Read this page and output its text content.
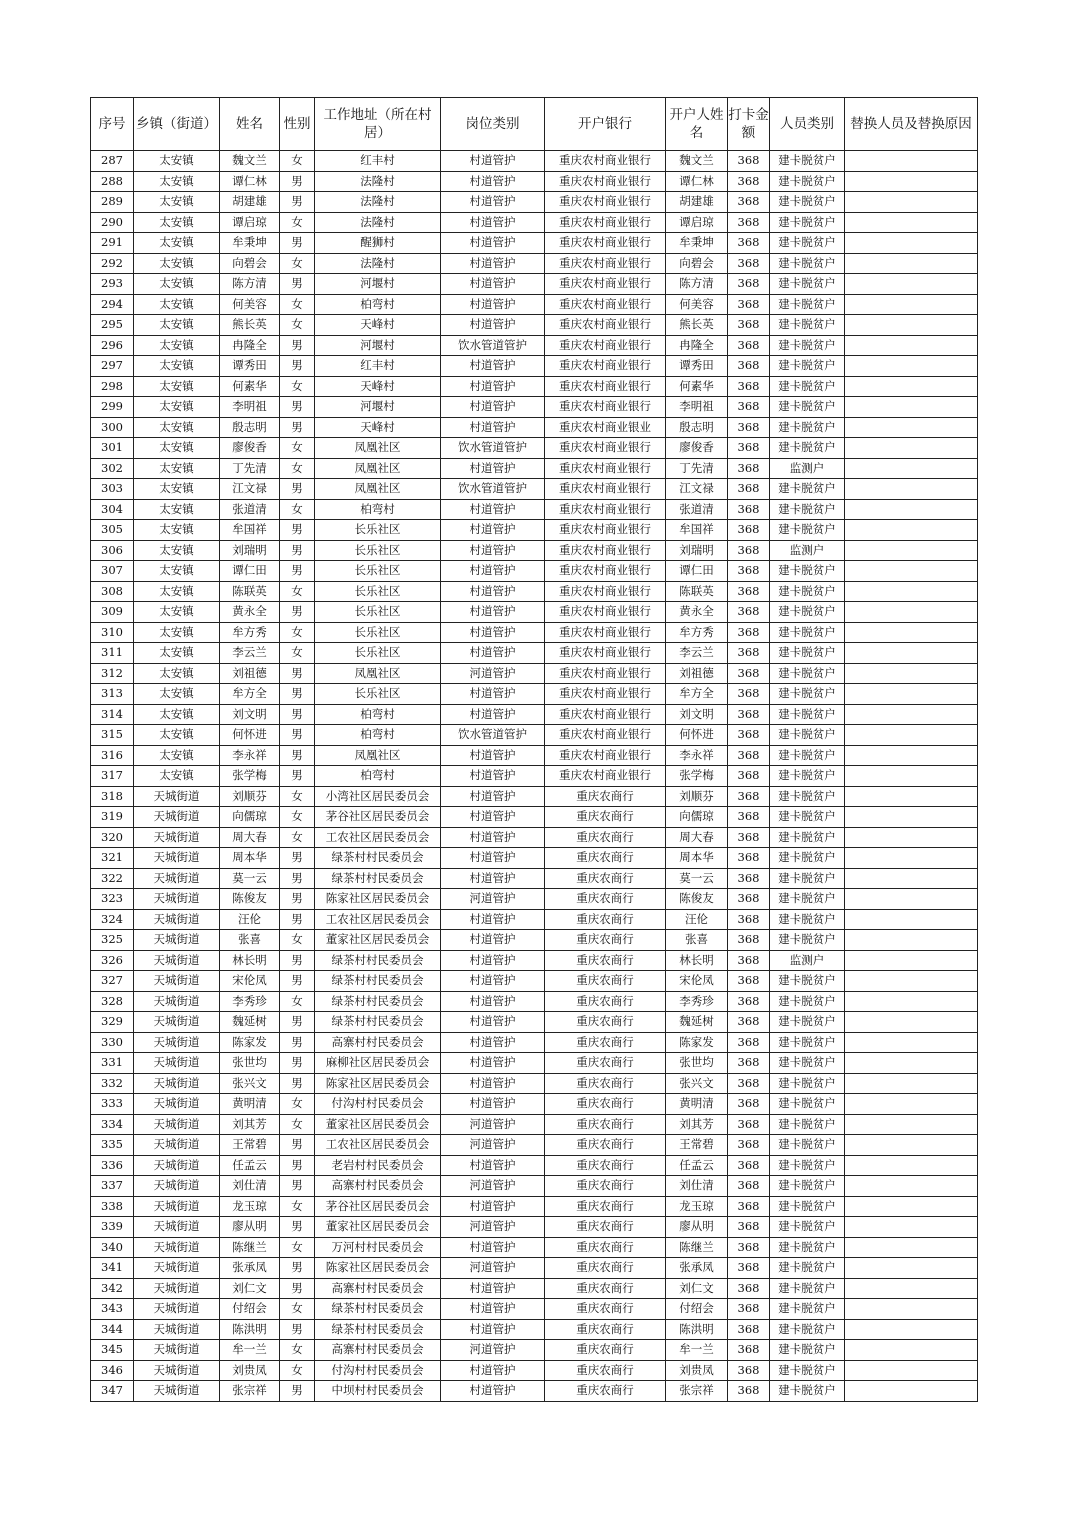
序号	乡镇（街道）	姓名	性别	工作地址（所在村居）	岗位类别	开户银行	开户人姓名	打卡金额	人员类别	替换人员及替换原因
287	太安镇	魏文兰	女	红丰村	村道管护	重庆农村商业银行	魏文兰	368	建卡脱贫户	
288	太安镇	谭仁林	男	法隆村	村道管护	重庆农村商业银行	谭仁林	368	建卡脱贫户	
289	太安镇	胡建雄	男	法隆村	村道管护	重庆农村商业银行	胡建雄	368	建卡脱贫户	
290	太安镇	谭启琼	女	法隆村	村道管护	重庆农村商业银行	谭启琼	368	建卡脱贫户	
291	太安镇	牟秉坤	男	醒狮村	村道管护	重庆农村商业银行	牟秉坤	368	建卡脱贫户	
292	太安镇	向碧会	女	法隆村	村道管护	重庆农村商业银行	向碧会	368	建卡脱贫户	
293	太安镇	陈方清	男	河堰村	村道管护	重庆农村商业银行	陈方清	368	建卡脱贫户	
294	太安镇	何美容	女	柏弯村	村道管护	重庆农村商业银行	何美容	368	建卡脱贫户	
295	太安镇	熊长英	女	天峰村	村道管护	重庆农村商业银行	熊长英	368	建卡脱贫户	
296	太安镇	冉隆全	男	河堰村	饮水管道管护	重庆农村商业银行	冉隆全	368	建卡脱贫户	
297	太安镇	谭秀田	男	红丰村	村道管护	重庆农村商业银行	谭秀田	368	建卡脱贫户	
298	太安镇	何素华	女	天峰村	村道管护	重庆农村商业银行	何素华	368	建卡脱贫户	
299	太安镇	李明祖	男	河堰村	村道管护	重庆农村商业银行	李明祖	368	建卡脱贫户	
300	太安镇	殷志明	男	天峰村	村道管护	重庆农村商业银业	殷志明	368	建卡脱贫户	
301	太安镇	廖俊香	女	凤凰社区	饮水管道管护	重庆农村商业银行	廖俊香	368	建卡脱贫户	
302	太安镇	丁先清	女	凤凰社区	村道管护	重庆农村商业银行	丁先清	368	监测户	
303	太安镇	江文禄	男	凤凰社区	饮水管道管护	重庆农村商业银行	江文禄	368	建卡脱贫户	
304	太安镇	张道清	女	柏弯村	村道管护	重庆农村商业银行	张道清	368	建卡脱贫户	
305	太安镇	牟国祥	男	长乐社区	村道管护	重庆农村商业银行	牟国祥	368	建卡脱贫户	
306	太安镇	刘瑞明	男	长乐社区	村道管护	重庆农村商业银行	刘瑞明	368	监测户	
307	太安镇	谭仁田	男	长乐社区	村道管护	重庆农村商业银行	谭仁田	368	建卡脱贫户	
308	太安镇	陈联英	女	长乐社区	村道管护	重庆农村商业银行	陈联英	368	建卡脱贫户	
309	太安镇	黄永全	男	长乐社区	村道管护	重庆农村商业银行	黄永全	368	建卡脱贫户	
310	太安镇	牟方秀	女	长乐社区	村道管护	重庆农村商业银行	牟方秀	368	建卡脱贫户	
311	太安镇	李云兰	女	长乐社区	村道管护	重庆农村商业银行	李云兰	368	建卡脱贫户	
312	太安镇	刘祖德	男	凤凰社区	河道管护	重庆农村商业银行	刘祖德	368	建卡脱贫户	
313	太安镇	牟方全	男	长乐社区	村道管护	重庆农村商业银行	牟方全	368	建卡脱贫户	
314	太安镇	刘文明	男	柏弯村	村道管护	重庆农村商业银行	刘文明	368	建卡脱贫户	
315	太安镇	何怀进	男	柏弯村	饮水管道管护	重庆农村商业银行	何怀进	368	建卡脱贫户	
316	太安镇	李永祥	男	凤凰社区	村道管护	重庆农村商业银行	李永祥	368	建卡脱贫户	
317	太安镇	张学梅	男	柏弯村	村道管护	重庆农村商业银行	张学梅	368	建卡脱贫户	
318	天城街道	刘顺芬	女	小湾社区居民委员会	村道管护	重庆农商行	刘顺芬	368	建卡脱贫户	
319	天城街道	向儒琼	女	茅谷社区居民委员会	村道管护	重庆农商行	向儒琼	368	建卡脱贫户	
320	天城街道	周大春	女	工农社区居民委员会	村道管护	重庆农商行	周大春	368	建卡脱贫户	
321	天城街道	周本华	男	绿茶村村民委员会	村道管护	重庆农商行	周本华	368	建卡脱贫户	
322	天城街道	莫一云	男	绿茶村村民委员会	村道管护	重庆农商行	莫一云	368	建卡脱贫户	
323	天城街道	陈俊友	男	陈家社区居民委员会	河道管护	重庆农商行	陈俊友	368	建卡脱贫户	
324	天城街道	汪伦	男	工农社区居民委员会	村道管护	重庆农商行	汪伦	368	建卡脱贫户	
325	天城街道	张喜	女	董家社区居民委员会	村道管护	重庆农商行	张喜	368	建卡脱贫户	
326	天城街道	林长明	男	绿茶村村民委员会	村道管护	重庆农商行	林长明	368	监测户	
327	天城街道	宋伦凤	男	绿茶村村民委员会	村道管护	重庆农商行	宋伦凤	368	建卡脱贫户	
328	天城街道	李秀珍	女	绿茶村村民委员会	村道管护	重庆农商行	李秀珍	368	建卡脱贫户	
329	天城街道	魏延树	男	绿茶村村民委员会	村道管护	重庆农商行	魏延树	368	建卡脱贫户	
330	天城街道	陈家发	男	高寨村村民委员会	村道管护	重庆农商行	陈家发	368	建卡脱贫户	
331	天城街道	张世均	男	麻柳社区居民委员会	村道管护	重庆农商行	张世均	368	建卡脱贫户	
332	天城街道	张兴文	男	陈家社区居民委员会	村道管护	重庆农商行	张兴文	368	建卡脱贫户	
333	天城街道	黄明清	女	付沟村村民委员会	村道管护	重庆农商行	黄明清	368	建卡脱贫户	
334	天城街道	刘其芳	女	董家社区居民委员会	河道管护	重庆农商行	刘其芳	368	建卡脱贫户	
335	天城街道	王常碧	男	工农社区居民委员会	河道管护	重庆农商行	王常碧	368	建卡脱贫户	
336	天城街道	任孟云	男	老岩村村民委员会	村道管护	重庆农商行	任孟云	368	建卡脱贫户	
337	天城街道	刘仕清	男	高寨村村民委员会	河道管护	重庆农商行	刘仕清	368	建卡脱贫户	
338	天城街道	龙玉琼	女	茅谷社区居民委员会	村道管护	重庆农商行	龙玉琼	368	建卡脱贫户	
339	天城街道	廖从明	男	董家社区居民委员会	河道管护	重庆农商行	廖从明	368	建卡脱贫户	
340	天城街道	陈继兰	女	万河村村民委员会	村道管护	重庆农商行	陈继兰	368	建卡脱贫户	
341	天城街道	张承凤	男	陈家社区居民委员会	河道管护	重庆农商行	张承凤	368	建卡脱贫户	
342	天城街道	刘仁文	男	高寨村村民委员会	村道管护	重庆农商行	刘仁文	368	建卡脱贫户	
343	天城街道	付绍会	女	绿茶村村民委员会	村道管护	重庆农商行	付绍会	368	建卡脱贫户	
344	天城街道	陈洪明	男	绿茶村村民委员会	村道管护	重庆农商行	陈洪明	368	建卡脱贫户	
345	天城街道	牟一兰	女	高寨村村民委员会	河道管护	重庆农商行	牟一兰	368	建卡脱贫户	
346	天城街道	刘贵凤	女	付沟村村民委员会	村道管护	重庆农商行	刘贵凤	368	建卡脱贫户	
347	天城街道	张宗祥	男	中坝村村民委员会	村道管护	重庆农商行	张宗祥	368	建卡脱贫户	
